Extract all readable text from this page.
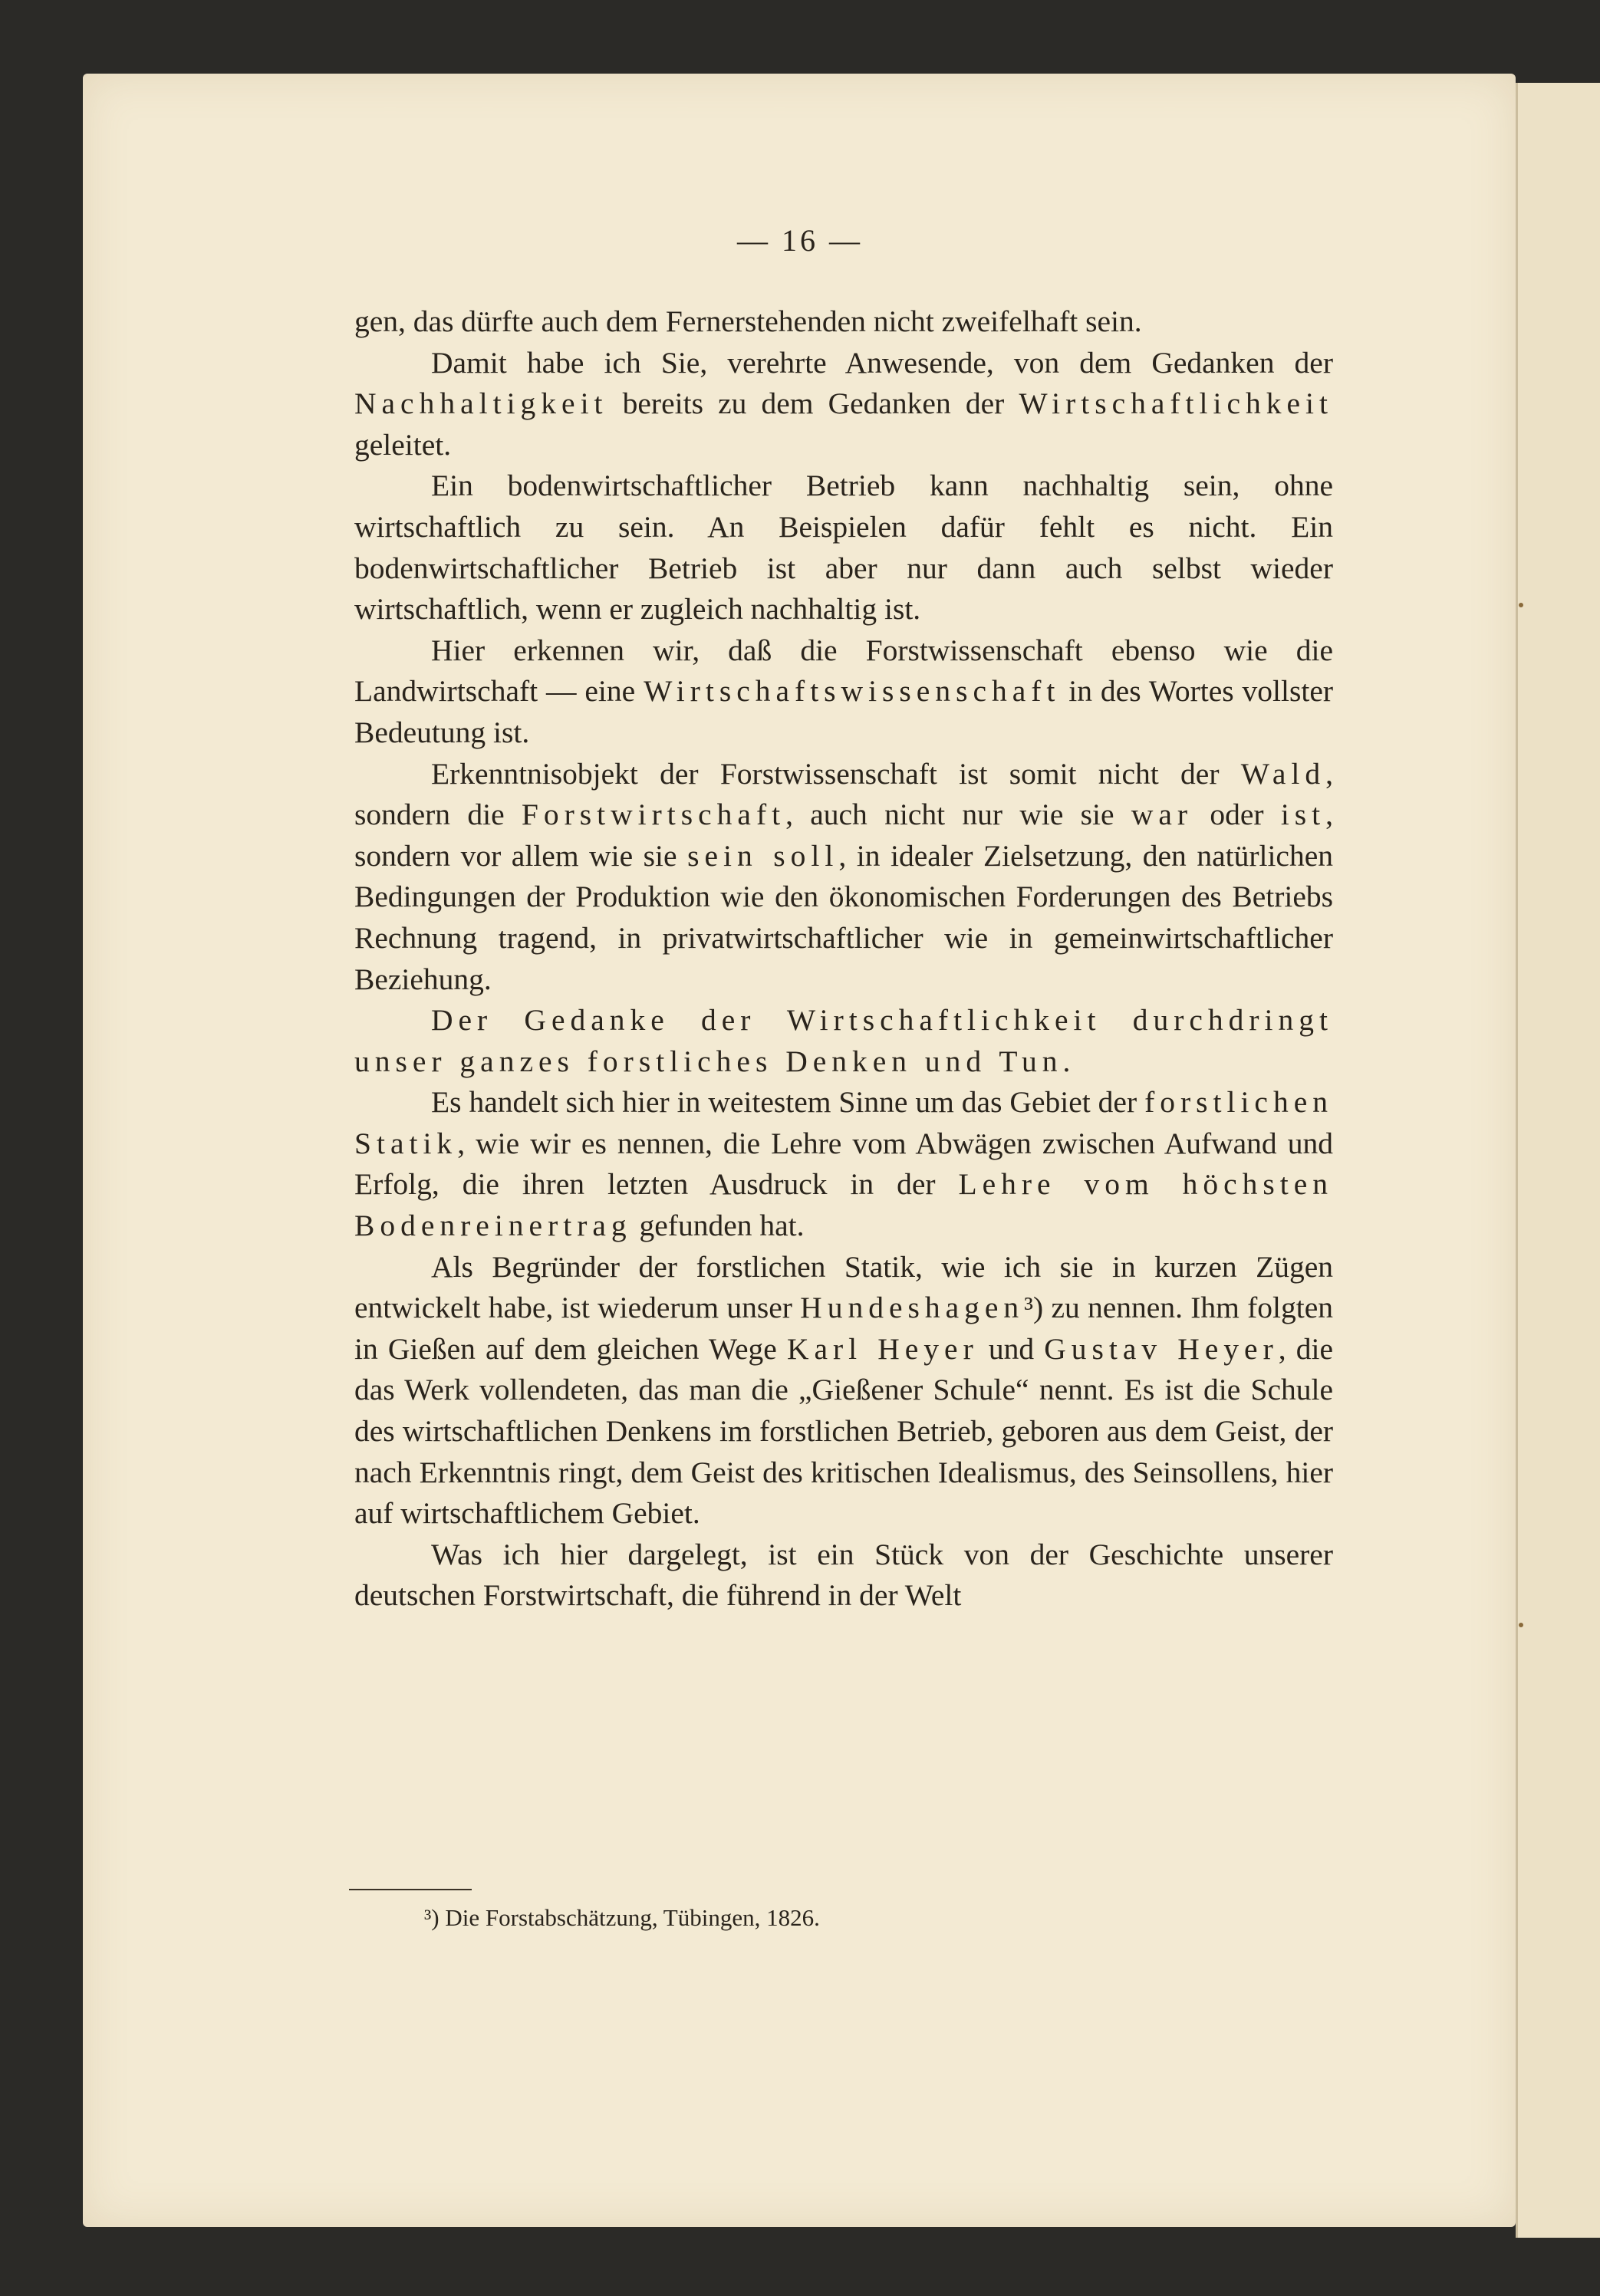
— 16 —

gen, das dürfte auch dem Fernerstehenden nicht zweifelhaft sein.

Damit habe ich Sie, verehrte Anwesende, von dem Gedanken der Nachhaltigkeit bereits zu dem Gedanken der Wirtschaftlichkeit geleitet.

Ein bodenwirtschaftlicher Betrieb kann nachhaltig sein, ohne wirtschaftlich zu sein. An Beispielen dafür fehlt es nicht. Ein bodenwirtschaftlicher Betrieb ist aber nur dann auch selbst wieder wirtschaftlich, wenn er zugleich nachhaltig ist.

Hier erkennen wir, daß die Forstwissenschaft ebenso wie die Landwirtschaft — eine Wirtschaftswissenschaft in des Wortes vollster Bedeutung ist.

Erkenntnisobjekt der Forstwissenschaft ist somit nicht der Wald, sondern die Forstwirtschaft, auch nicht nur wie sie war oder ist, sondern vor allem wie sie sein soll, in idealer Zielsetzung, den natürlichen Bedingungen der Produktion wie den ökonomischen Forderungen des Betriebs Rechnung tragend, in privatwirtschaftlicher wie in gemeinwirtschaftlicher Beziehung.

Der Gedanke der Wirtschaftlichkeit durchdringt unser ganzes forstliches Denken und Tun.

Es handelt sich hier in weitestem Sinne um das Gebiet der forstlichen Statik, wie wir es nennen, die Lehre vom Abwägen zwischen Aufwand und Erfolg, die ihren letzten Ausdruck in der Lehre vom höchsten Bodenreinertrag gefunden hat.

Als Begründer der forstlichen Statik, wie ich sie in kurzen Zügen entwickelt habe, ist wiederum unser Hundeshagen³) zu nennen. Ihm folgten in Gießen auf dem gleichen Wege Karl Heyer und Gustav Heyer, die das Werk vollendeten, das man die „Gießener Schule“ nennt. Es ist die Schule des wirtschaftlichen Denkens im forstlichen Betrieb, geboren aus dem Geist, der nach Erkenntnis ringt, dem Geist des kritischen Idealismus, des Seinsollens, hier auf wirtschaftlichem Gebiet.

Was ich hier dargelegt, ist ein Stück von der Geschichte unserer deutschen Forstwirtschaft, die führend in der Welt

³) Die Forstabschätzung, Tübingen, 1826.
